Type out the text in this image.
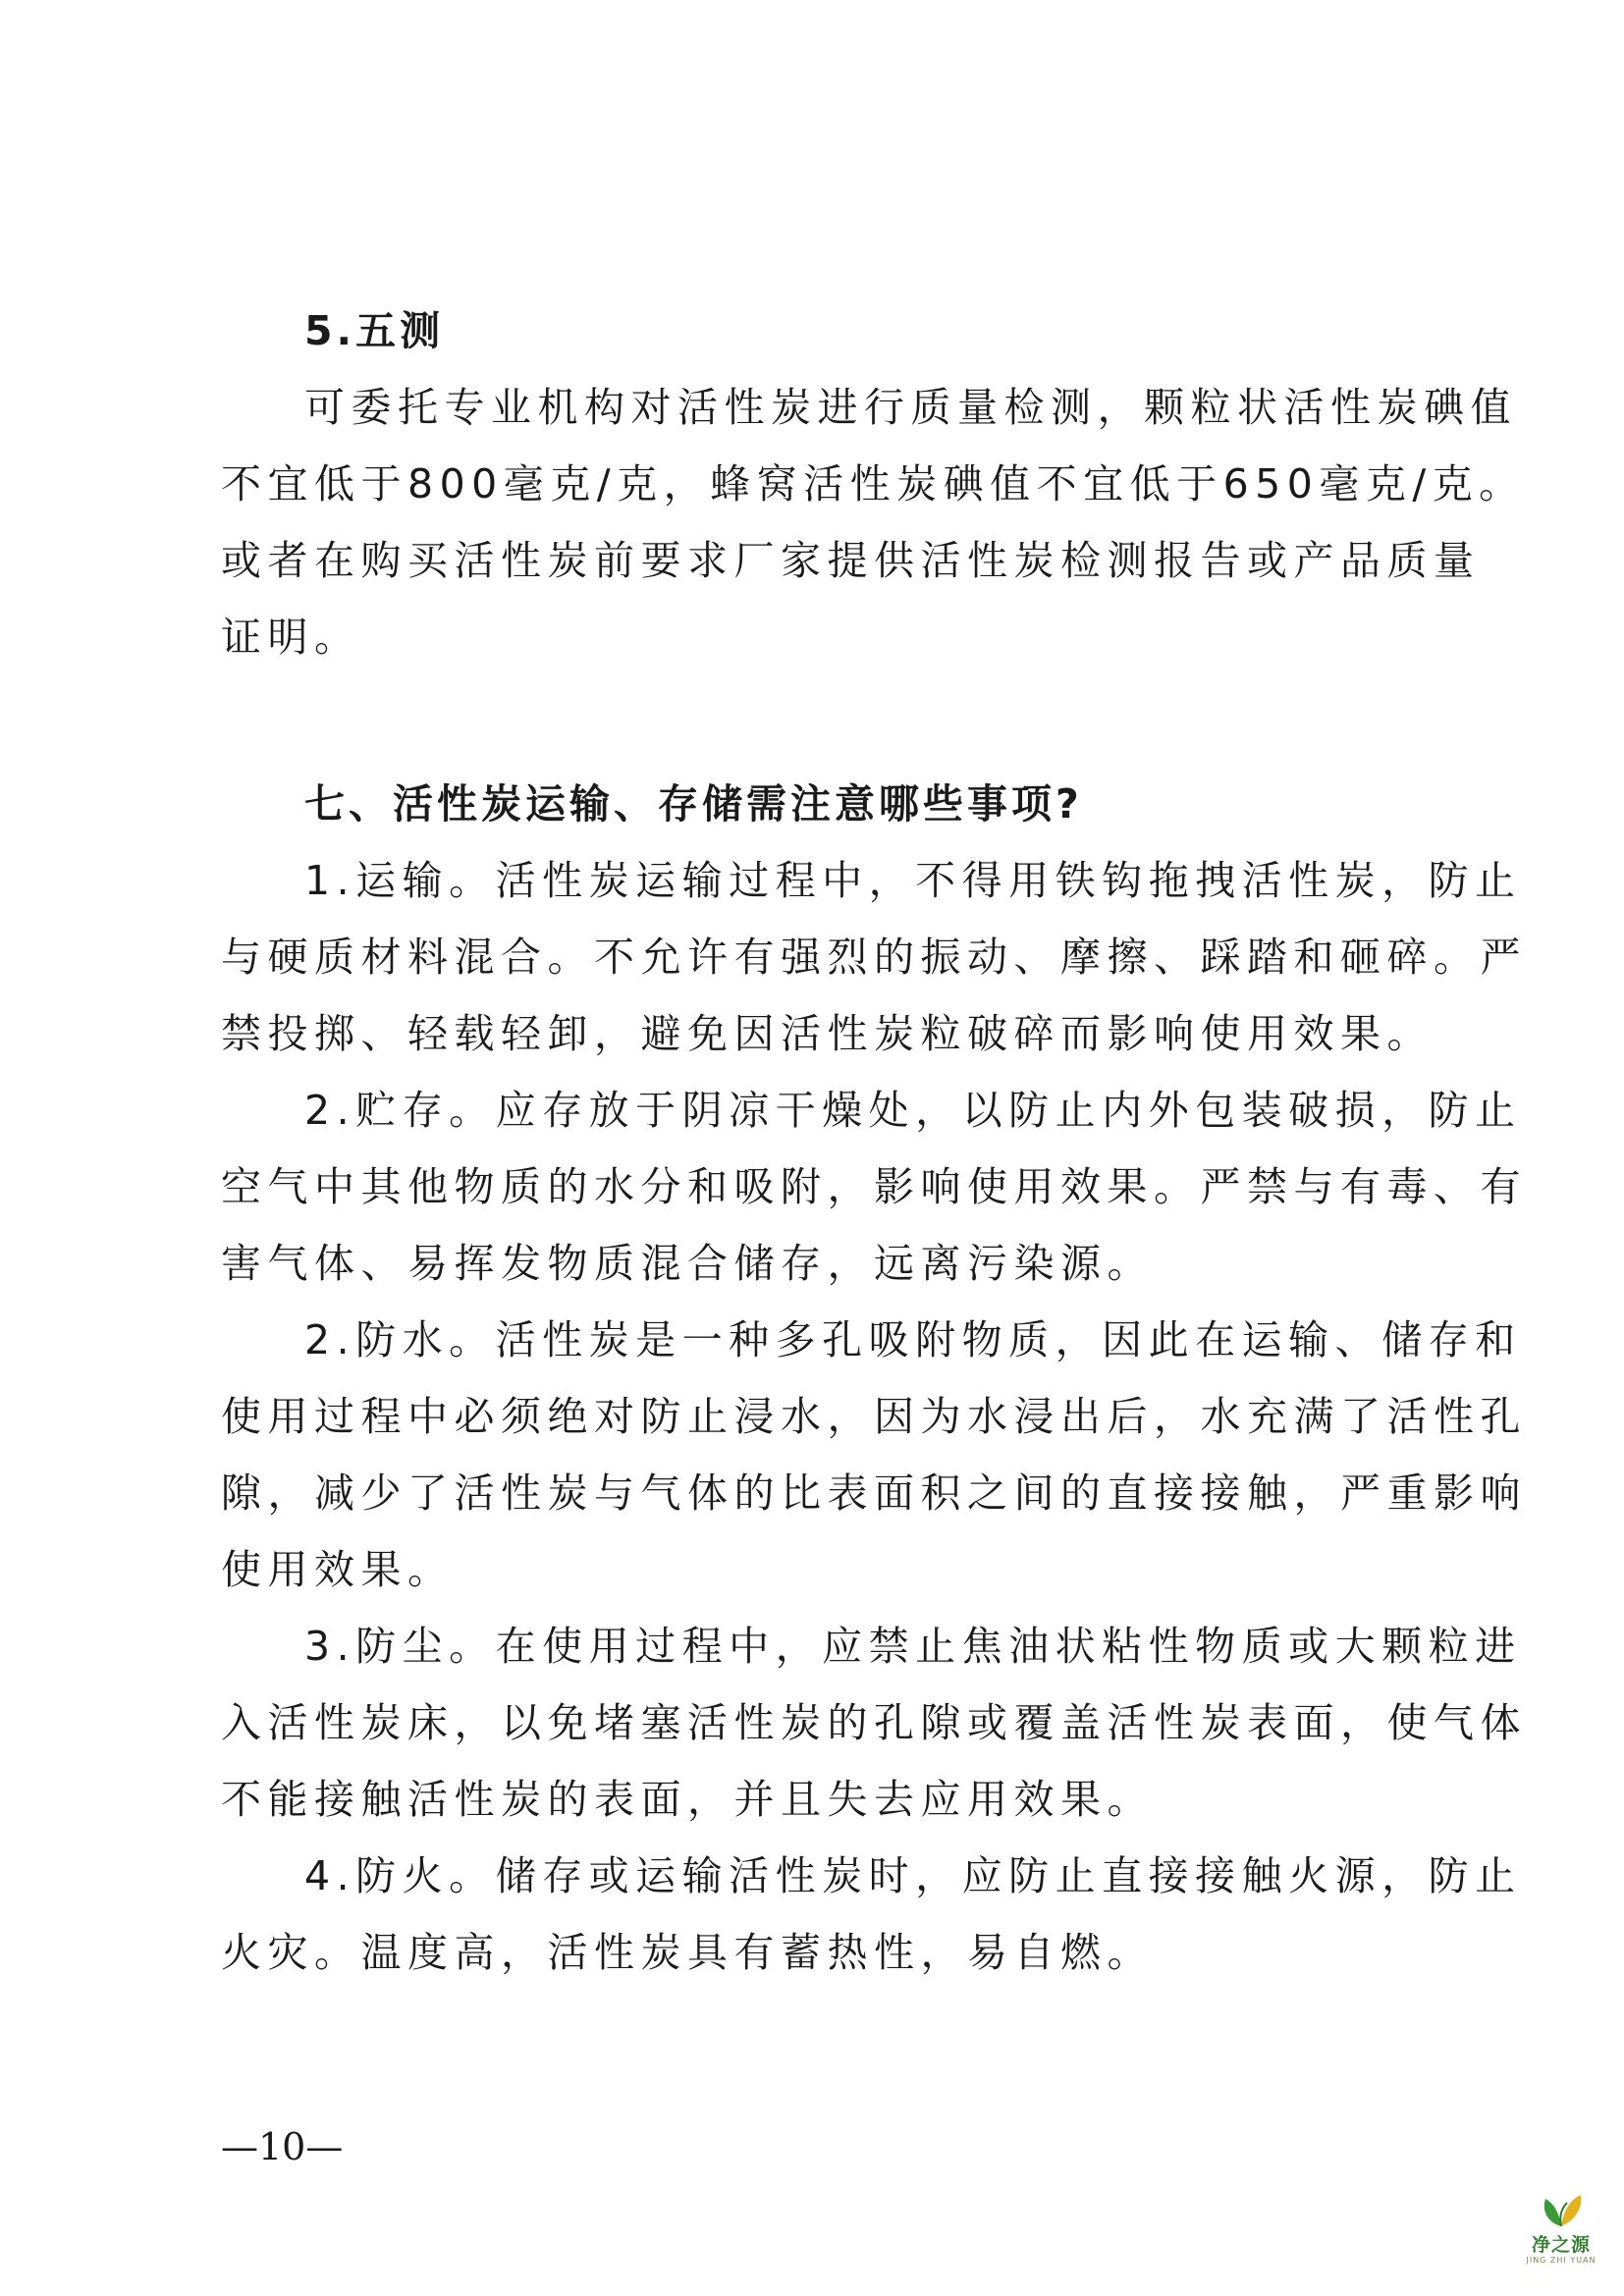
5.五测
可委托专业机构对活性炭进行质量检测，颗粒状活性炭碘值
不宜低于800毫克/克，蜂窝活性炭碘值不宜低于650毫克/克。
或者在购买活性炭前要求厂家提供活性炭检测报告或产品质量
证明。
七、活性炭运输、存储需注意哪些事项?
1.运输。活性炭运输过程中，不得用铁钩拖拽活性炭，防止
与硬质材料混合。不允许有强烈的振动、摩擦、踩踏和砸碎。严
禁投掷、轻载轻卸，避免因活性炭粒破碎而影响使用效果。
2.贮存。应存放于阴凉干燥处，以防止内外包装破损，防止
空气中其他物质的水分和吸附，影响使用效果。严禁与有毒、有
害气体、易挥发物质混合储存，远离污染源。
2.防水。活性炭是一种多孔吸附物质，因此在运输、储存和
使用过程中必须绝对防止浸水，因为水浸出后，水充满了活性孔
隙，减少了活性炭与气体的比表面积之间的直接接触，严重影响
使用效果。
3.防尘。在使用过程中，应禁止焦油状粘性物质或大颗粒进
入活性炭床，以免堵塞活性炭的孔隙或覆盖活性炭表面，使气体
不能接触活性炭的表面，并且失去应用效果。
4.防火。储存或运输活性炭时，应防止直接接触火源，防止
火灾。温度高，活性炭具有蓄热性，易自燃。
—10—
净之源
JING ZHI YUAN
